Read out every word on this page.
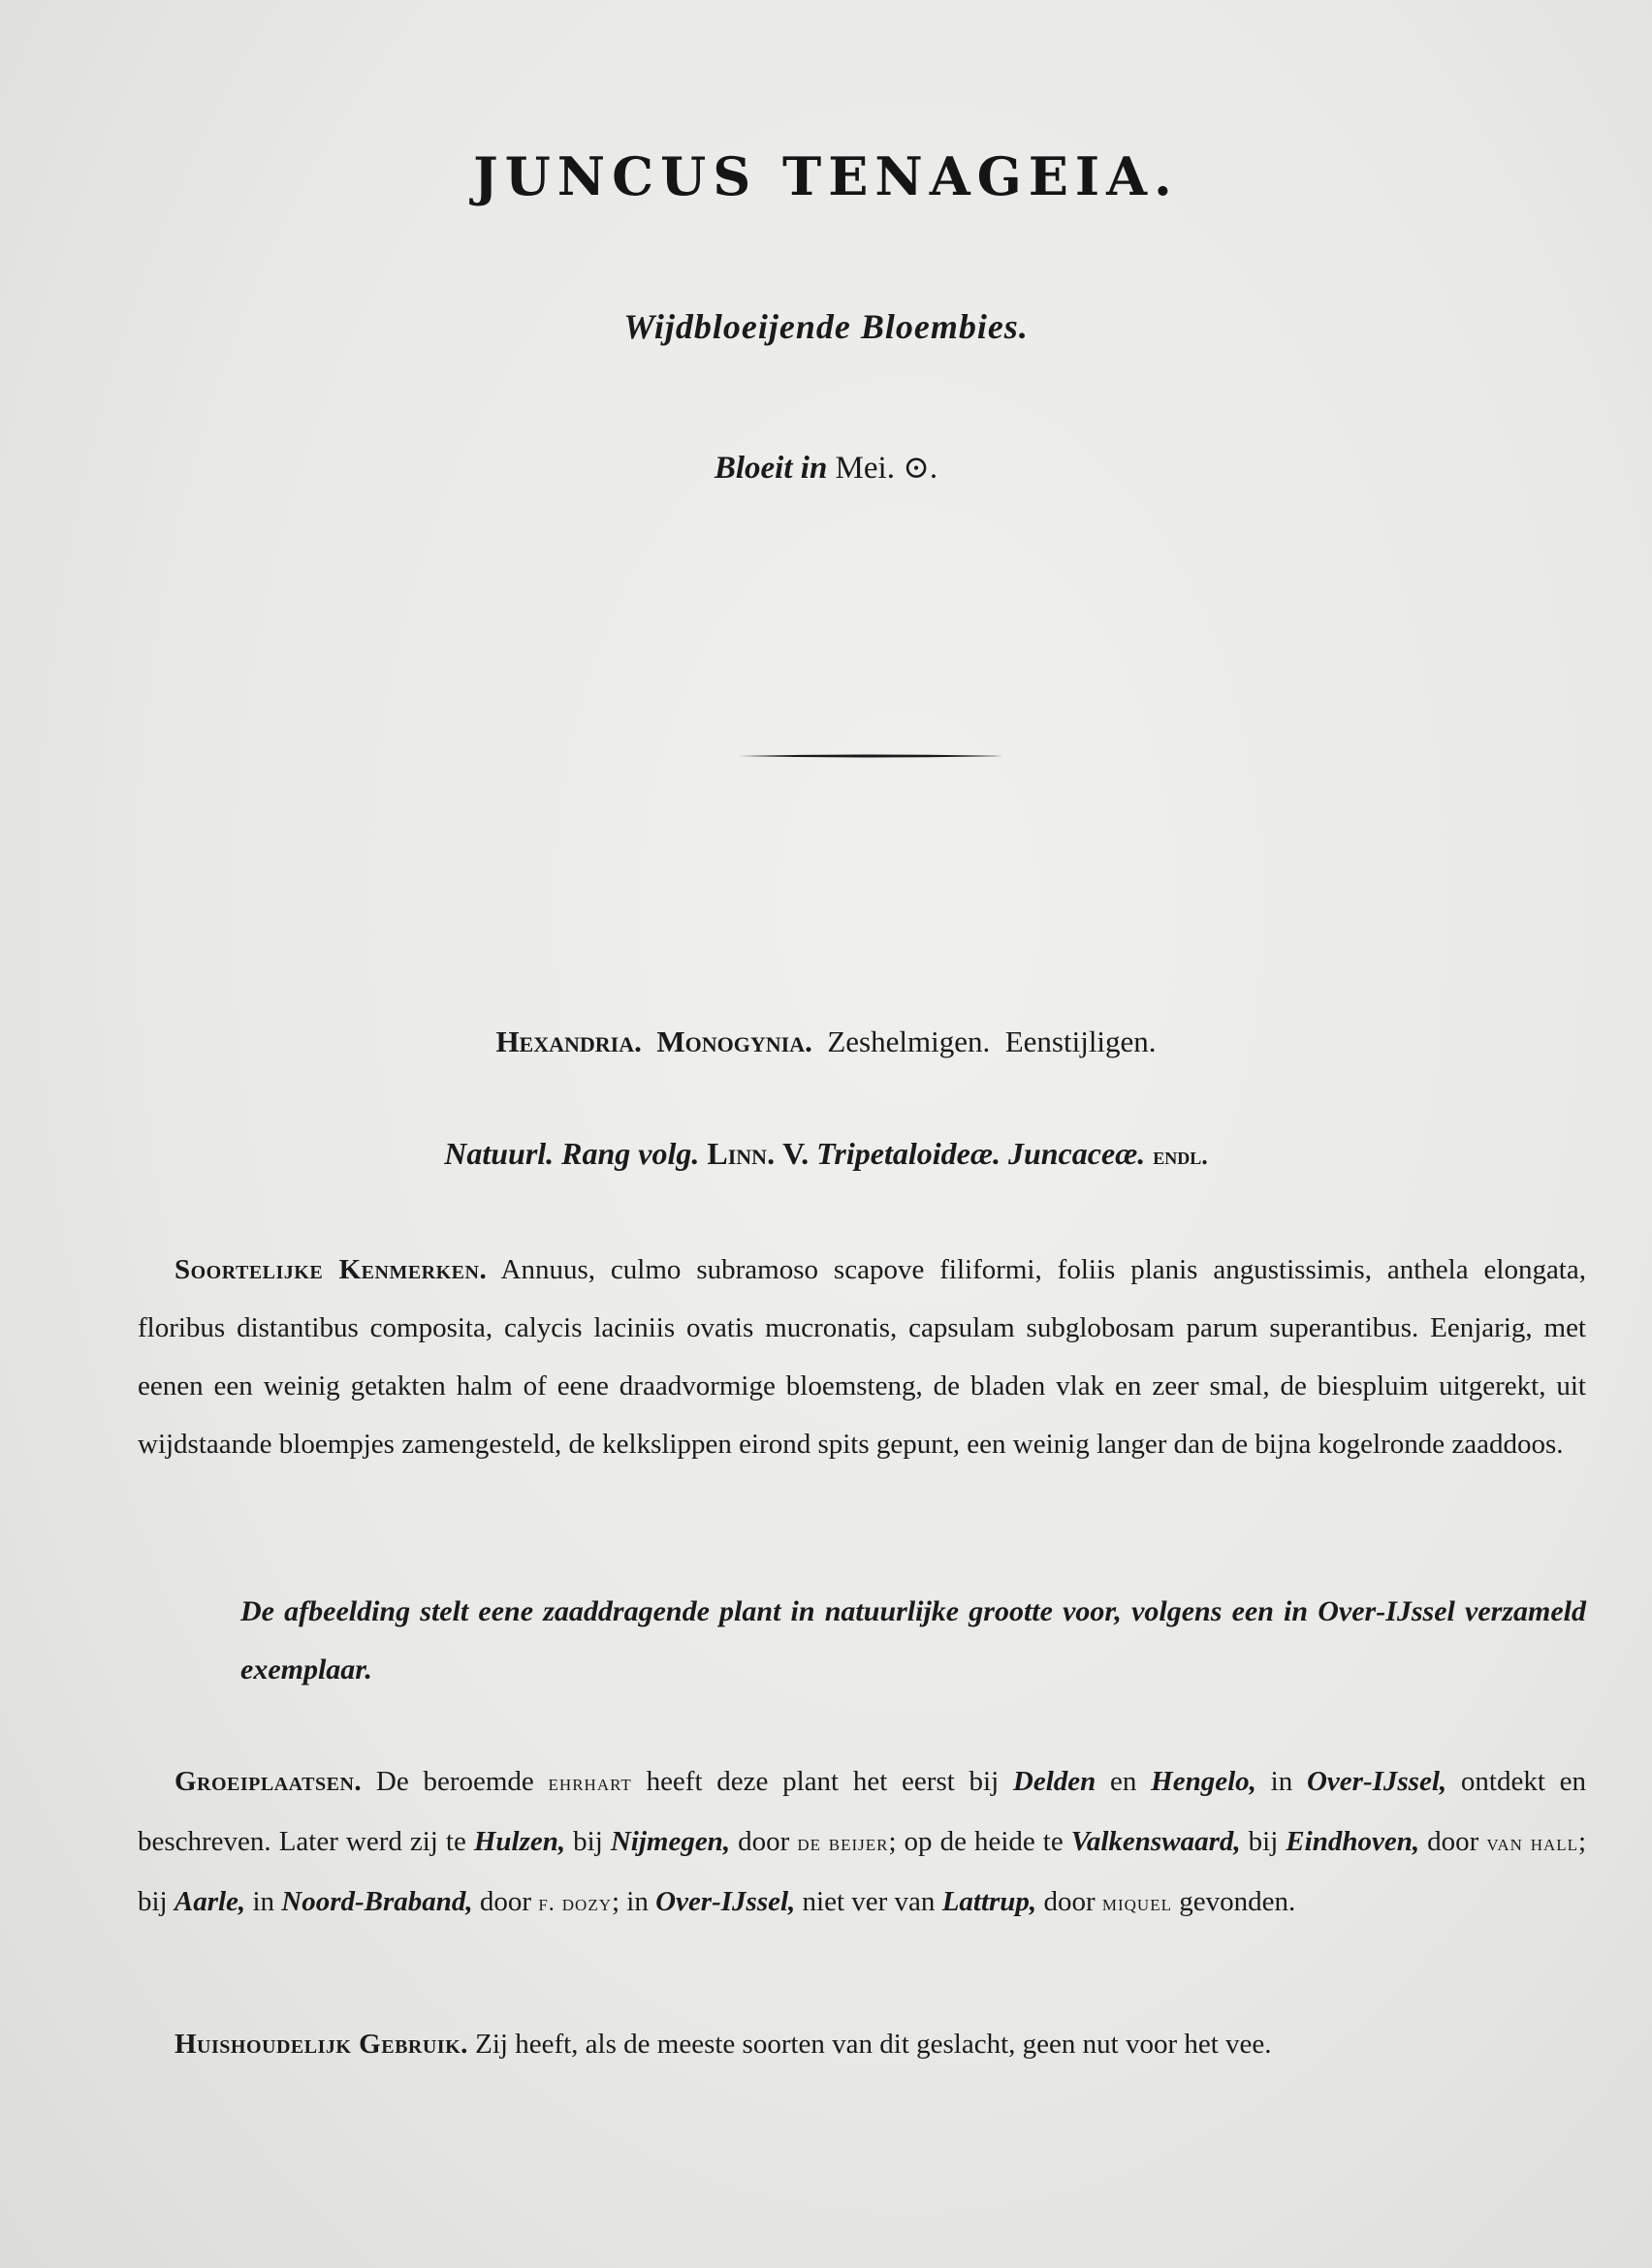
JUNCUS TENAGEIA.
Wijdbloeijende Bloembies.
Bloeit in Mei. ⊙.
Hexandria. Monogynia. Zeshelmigen. Eenstijligen.
Natuurl. Rang volg. Linn. V. Tripetaloideæ. Juncaceæ. endl.
Soortelijke Kenmerken. Annuus, culmo subramoso scapove filiformi, foliis planis angustissimis, anthela elongata, floribus distantibus composita, calycis laciniis ovatis mucronatis, capsulam subglobosam parum superantibus. Eenjarig, met eenen een weinig getakten halm of eene draadvormige bloemsteng, de bladen vlak en zeer smal, de biespluim uitgerekt, uit wijdstaande bloempjes zamengesteld, de kelkslippen eirond spits gepunt, een weinig langer dan de bijna kogelronde zaaddoos.
De afbeelding stelt eene zaaddragende plant in natuurlijke grootte voor, volgens een in Over-IJssel verzameld exemplaar.
Groeiplaatsen. De beroemde ehrhart heeft deze plant het eerst bij Delden en Hengelo, in Over-IJssel, ontdekt en beschreven. Later werd zij te Hulzen, bij Nijmegen, door de beijer; op de heide te Valkenswaard, bij Eindhoven, door van hall; bij Aarle, in Noord-Braband, door f. dozy; in Over-IJssel, niet ver van Lattrup, door miquel gevonden.
Huishoudelijk Gebruik. Zij heeft, als de meeste soorten van dit geslacht, geen nut voor het vee.
